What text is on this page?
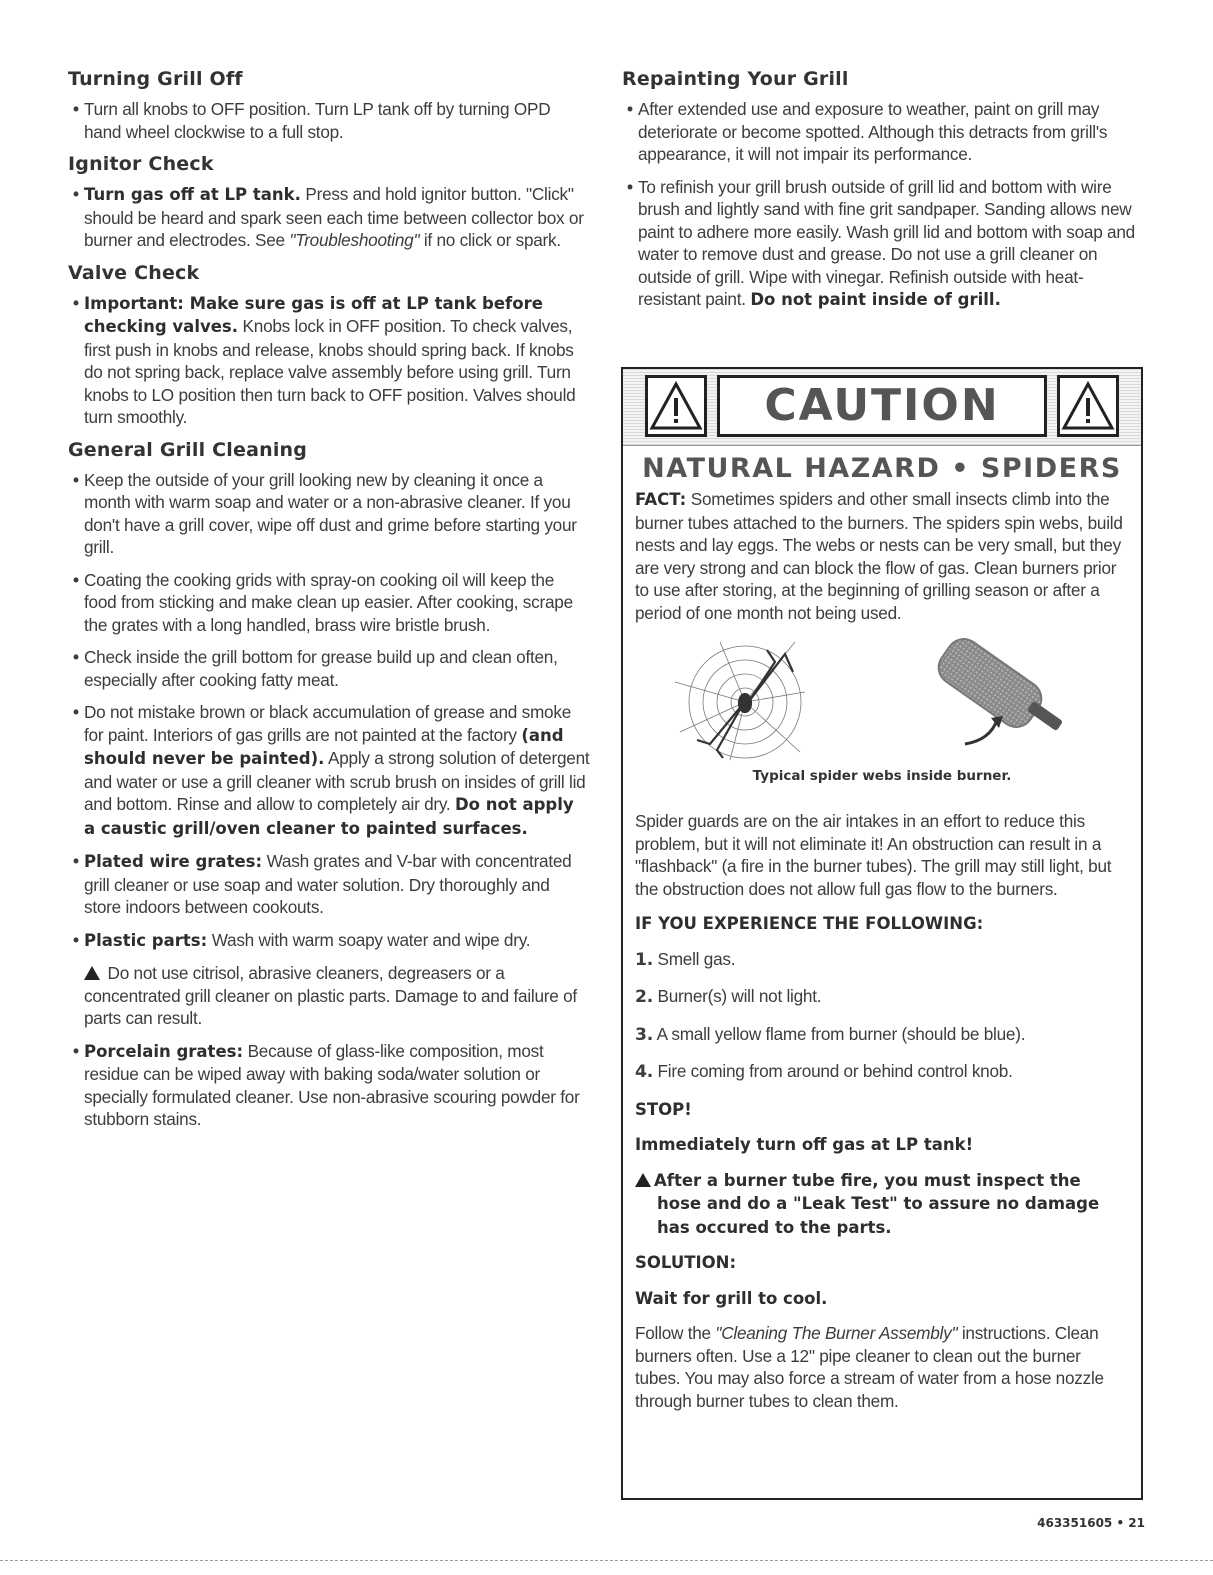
Turning Grill Off

• Turn all knobs to OFF position. Turn LP tank off by turning OPD hand wheel clockwise to a full stop.

Ignitor Check

• Turn gas off at LP tank. Press and hold ignitor button. "Click" should be heard and spark seen each time between collector box or burner and electrodes. See "Troubleshooting" if no click or spark.

Valve Check

• Important: Make sure gas is off at LP tank before checking valves. Knobs lock in OFF position. To check valves, first push in knobs and release, knobs should spring back. If knobs do not spring back, replace valve assembly before using grill. Turn knobs to LO position then turn back to OFF position. Valves should turn smoothly.

General Grill Cleaning

• Keep the outside of your grill looking new by cleaning it once a month with warm soap and water or a non-abrasive cleaner. If you don't have a grill cover, wipe off dust and grime before starting your grill.

• Coating the cooking grids with spray-on cooking oil will keep the food from sticking and make clean up easier. After cooking, scrape the grates with a long handled, brass wire bristle brush.

• Check inside the grill bottom for grease build up and clean often, especially after cooking fatty meat.

• Do not mistake brown or black accumulation of grease and smoke for paint. Interiors of gas grills are not painted at the factory (and should never be painted). Apply a strong solution of detergent and water or use a grill cleaner with scrub brush on insides of grill lid and bottom. Rinse and allow to completely air dry. Do not apply a caustic grill/oven cleaner to painted surfaces.

• Plated wire grates: Wash grates and V-bar with concentrated grill cleaner or use soap and water solution. Dry thoroughly and store indoors between cookouts.

• Plastic parts: Wash with warm soapy water and wipe dry.

Do not use citrisol, abrasive cleaners, degreasers or a concentrated grill cleaner on plastic parts. Damage to and failure of parts can result.

• Porcelain grates: Because of glass-like composition, most residue can be wiped away with baking soda/water solution or specially formulated cleaner. Use non-abrasive scouring powder for stubborn stains.

Repainting Your Grill

• After extended use and exposure to weather, paint on grill may deteriorate or become spotted. Although this detracts from grill's appearance, it will not impair its performance.

• To refinish your grill brush outside of grill lid and bottom with wire brush and lightly sand with fine grit sandpaper. Sanding allows new paint to adhere more easily. Wash grill lid and bottom with soap and water to remove dust and grease. Do not use a grill cleaner on outside of grill. Wipe with vinegar. Refinish outside with heat-resistant paint. Do not paint inside of grill.

CAUTION
NATURAL HAZARD • SPIDERS

FACT: Sometimes spiders and other small insects climb into the burner tubes attached to the burners. The spiders spin webs, build nests and lay eggs. The webs or nests can be very small, but they are very strong and can block the flow of gas. Clean burners prior to use after storing, at the beginning of grilling season or after a period of one month not being used.

Typical spider webs inside burner.

Spider guards are on the air intakes in an effort to reduce this problem, but it will not eliminate it! An obstruction can result in a "flashback" (a fire in the burner tubes). The grill may still light, but the obstruction does not allow full gas flow to the burners.

IF YOU EXPERIENCE THE FOLLOWING:

1. Smell gas.

2. Burner(s) will not light.

3. A small yellow flame from burner (should be blue).

4. Fire coming from around or behind control knob.

STOP!

Immediately turn off gas at LP tank!

After a burner tube fire, you must inspect the hose and do a "Leak Test" to assure no damage has occured to the parts.

SOLUTION:

Wait for grill to cool.

Follow the "Cleaning The Burner Assembly" instructions. Clean burners often. Use a 12" pipe cleaner to clean out the burner tubes. You may also force a stream of water from a hose nozzle through burner tubes to clean them.

463351605 • 21
